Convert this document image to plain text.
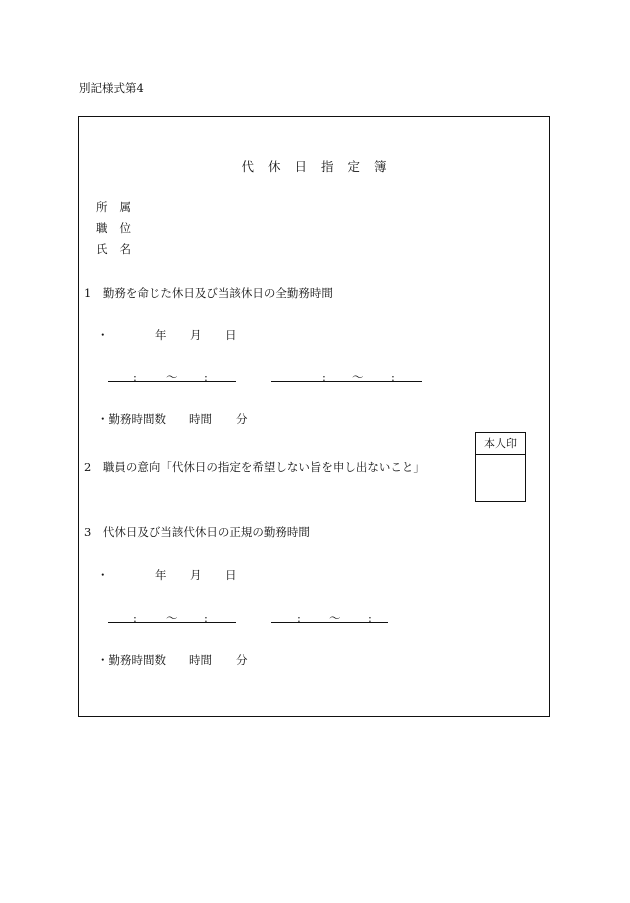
別記様式第4
代休日指定簿
所属
職位
氏名
1　勤務を命じた休日及び当該休日の全勤務時間
・	年 月 日
:	〜 :	: 〜 :
・勤務時間数 時間 分
2　職員の意向「代休日の指定を希望しない旨を申し出ないこと」
本人印
3　代休日及び当該代休日の正規の勤務時間
・	年 月 日
:	〜 :	: 〜 :
・勤務時間数 時間 分
